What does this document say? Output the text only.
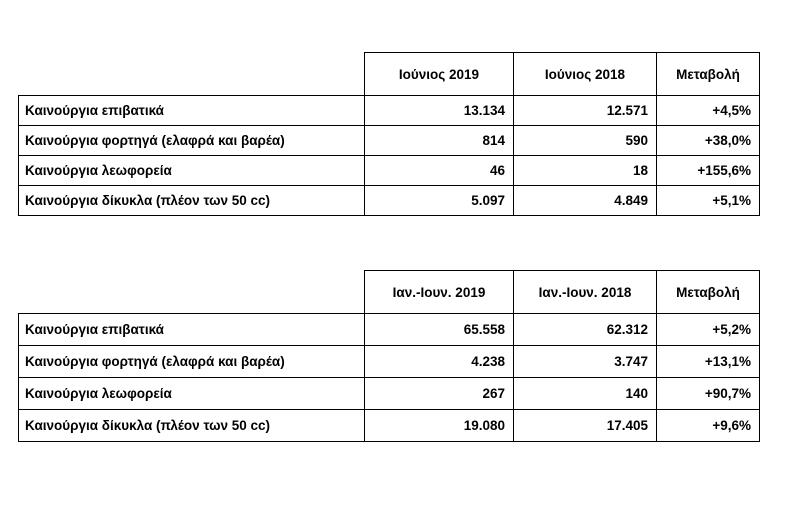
	Ιούνιος 2019	Ιούνιος 2018	Μεταβολή
Καινούργια επιβατικά	13.134	12.571	+4,5%
Καινούργια φορτηγά (ελαφρά και βαρέα)	814	590	+38,0%
Καινούργια λεωφορεία	46	18	+155,6%
Καινούργια δίκυκλα (πλέον των 50 cc)	5.097	4.849	+5,1%
	Ιαν.-Ιουν. 2019	Ιαν.-Ιουν. 2018	Μεταβολή
Καινούργια επιβατικά	65.558	62.312	+5,2%
Καινούργια φορτηγά (ελαφρά και βαρέα)	4.238	3.747	+13,1%
Καινούργια λεωφορεία	267	140	+90,7%
Καινούργια δίκυκλα (πλέον των 50 cc)	19.080	17.405	+9,6%
